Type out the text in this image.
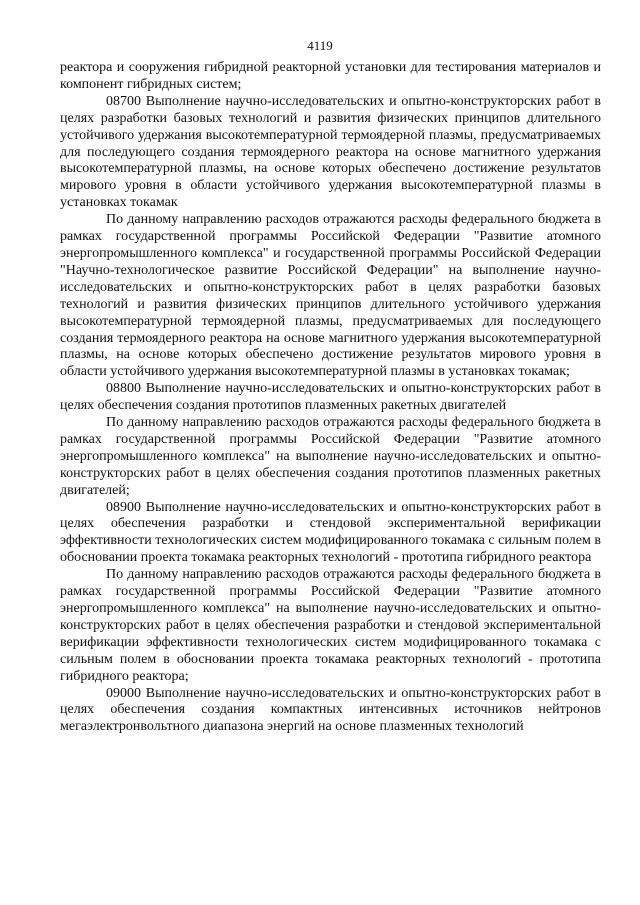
4119

реактора и сооружения гибридной реакторной установки для тестирования материалов и компонент гибридных систем;

08700 Выполнение научно-исследовательских и опытно-конструкторских работ в целях разработки базовых технологий и развития физических принципов длительного устойчивого удержания высокотемпературной термоядерной плазмы, предусматриваемых для последующего создания термоядерного реактора на основе магнитного удержания высокотемпературной плазмы, на основе которых обеспечено достижение результатов мирового уровня в области устойчивого удержания высокотемпературной плазмы в установках токамак

По данному направлению расходов отражаются расходы федерального бюджета в рамках государственной программы Российской Федерации "Развитие атомного энергопромышленного комплекса" и государственной программы Российской Федерации "Научно-технологическое развитие Российской Федерации" на выполнение научно-исследовательских и опытно-конструкторских работ в целях разработки базовых технологий и развития физических принципов длительного устойчивого удержания высокотемпературной термоядерной плазмы, предусматриваемых для последующего создания термоядерного реактора на основе магнитного удержания высокотемпературной плазмы, на основе которых обеспечено достижение результатов мирового уровня в области устойчивого удержания высокотемпературной плазмы в установках токамак;

08800 Выполнение научно-исследовательских и опытно-конструкторских работ в целях обеспечения создания прототипов плазменных ракетных двигателей

По данному направлению расходов отражаются расходы федерального бюджета в рамках государственной программы Российской Федерации "Развитие атомного энергопромышленного комплекса" на выполнение научно-исследовательских и опытно-конструкторских работ в целях обеспечения создания прототипов плазменных ракетных двигателей;

08900 Выполнение научно-исследовательских и опытно-конструкторских работ в целях обеспечения разработки и стендовой экспериментальной верификации эффективности технологических систем модифицированного токамака с сильным полем в обосновании проекта токамака реакторных технологий - прототипа гибридного реактора

По данному направлению расходов отражаются расходы федерального бюджета в рамках государственной программы Российской Федерации "Развитие атомного энергопромышленного комплекса" на выполнение научно-исследовательских и опытно-конструкторских работ в целях обеспечения разработки и стендовой экспериментальной верификации эффективности технологических систем модифицированного токамака с сильным полем в обосновании проекта токамака реакторных технологий - прототипа гибридного реактора;

09000 Выполнение научно-исследовательских и опытно-конструкторских работ в целях обеспечения создания компактных интенсивных источников нейтронов мегаэлектронвольтного диапазона энергий на основе плазменных технологий
